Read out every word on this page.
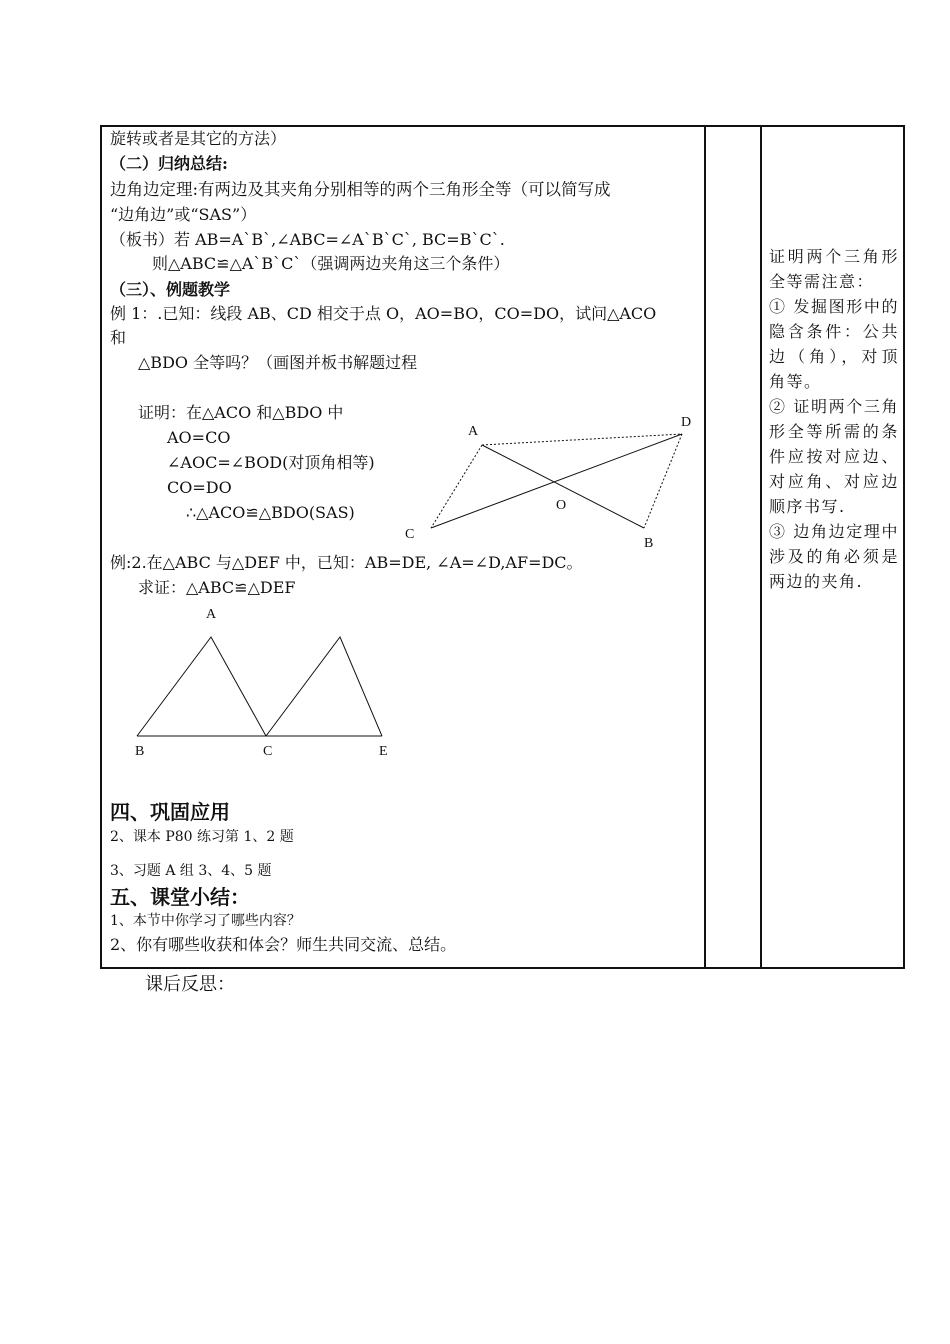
旋转或者是其它的方法）
（二）归纳总结:
边角边定理:有两边及其夹角分别相等的两个三角形全等（可以简写成
“边角边”或“SAS”）
（板书）若 AB=A`B`,∠ABC=∠A`B`C`, BC=B`C`.
则△ABC≌△A`B`C`（强调两边夹角这三个条件）
（三）、例题教学
例 1：.已知：线段 AB、CD 相交于点 O，AO=BO，CO=DO，试问△ACO
和
△BDO 全等吗？（画图并板书解题过程
证明：在△ACO 和△BDO 中
AO=CO
∠AOC=∠BOD(对顶角相等)
CO=DO
∴△ACO≌△BDO(SAS)
A
D
O
C
B
例:2.在△ABC 与△DEF 中，已知：AB=DE, ∠A=∠D,AF=DC。
求证：△ABC≌△DEF
A
B	C	E
四、巩固应用
2、课本 P80 练习第 1、2 题
3、习题 A 组 3、4、5 题
五、课堂小结：
1、本节中你学习了哪些内容？
2、你有哪些收获和体会？师生共同交流、总结。
证明两个三角形全等需注意：
① 发掘图形中的隐含条件：公共边（角），对顶角等。
② 证明两个三角形全等所需的条件应按对应边、对应角、对应边顺序书写.
③ 边角边定理中涉及的角必须是两边的夹角.
课后反思：
